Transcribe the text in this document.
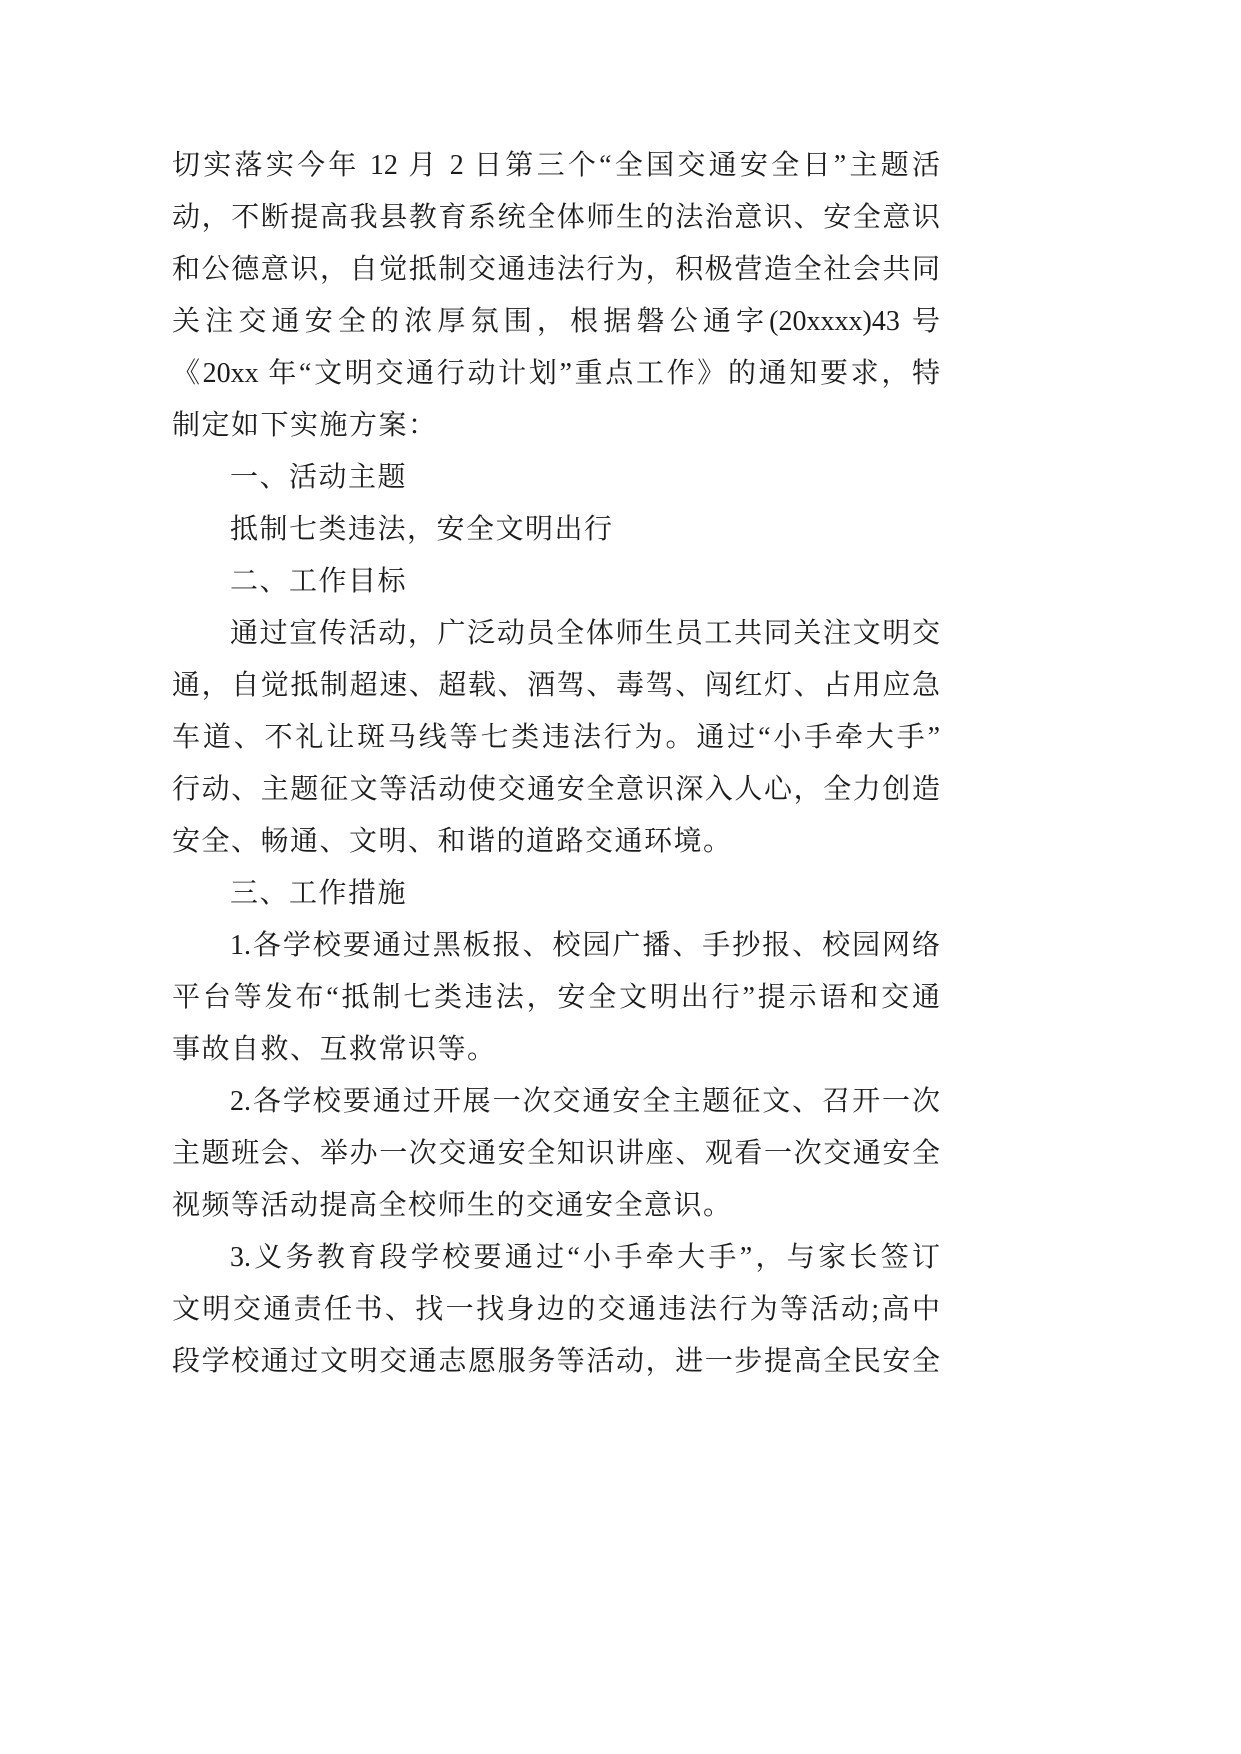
切实落实今年 12 月 2 日第三个“全国交通安全日”主题活
动，不断提高我县教育系统全体师生的法治意识、安全意识
和公德意识，自觉抵制交通违法行为，积极营造全社会共同
关注交通安全的浓厚氛围，根据磐公通字(20xxxx)43 号
《20xx 年“文明交通行动计划”重点工作》的通知要求，特
制定如下实施方案：
一、活动主题
抵制七类违法，安全文明出行
二、工作目标
通过宣传活动，广泛动员全体师生员工共同关注文明交
通，自觉抵制超速、超载、酒驾、毒驾、闯红灯、占用应急
车道、不礼让斑马线等七类违法行为。通过“小手牵大手”
行动、主题征文等活动使交通安全意识深入人心，全力创造
安全、畅通、文明、和谐的道路交通环境。
三、工作措施
1.各学校要通过黑板报、校园广播、手抄报、校园网络
平台等发布“抵制七类违法，安全文明出行”提示语和交通
事故自救、互救常识等。
2.各学校要通过开展一次交通安全主题征文、召开一次
主题班会、举办一次交通安全知识讲座、观看一次交通安全
视频等活动提高全校师生的交通安全意识。
3.义务教育段学校要通过“小手牵大手”，与家长签订
文明交通责任书、找一找身边的交通违法行为等活动;高中
段学校通过文明交通志愿服务等活动，进一步提高全民安全
